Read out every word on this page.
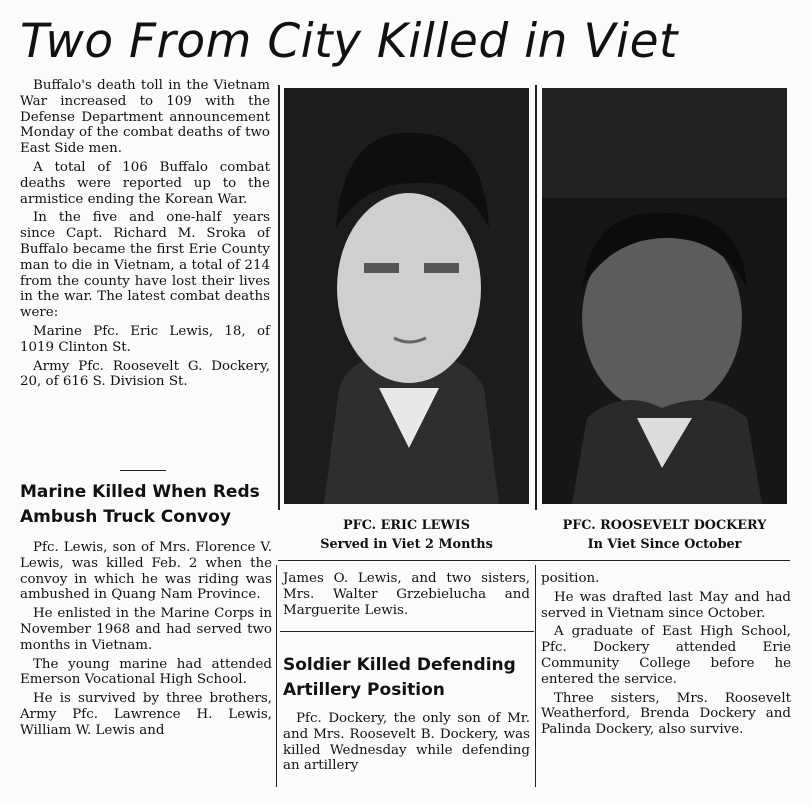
Two From City Killed in Viet

Buffalo's death toll in the Vietnam War increased to 109 with the Defense Department announcement Monday of the combat deaths of two East Side men.

A total of 106 Buffalo combat deaths were reported up to the armistice ending the Korean War.

In the five and one-half years since Capt. Richard M. Sroka of Buffalo became the first Erie County man to die in Vietnam, a total of 214 from the county have lost their lives in the war. The latest combat deaths were:

Marine Pfc. Eric Lewis, 18, of 1019 Clinton St.

Army Pfc. Roosevelt G. Dockery, 20, of 616 S. Division St.

Marine Killed When Reds Ambush Truck Convoy

Pfc. Lewis, son of Mrs. Florence V. Lewis, was killed Feb. 2 when the convoy in which he was riding was ambushed in Quang Nam Province.

He enlisted in the Marine Corps in November 1968 and had served two months in Vietnam.

The young marine had attended Emerson Vocational High School.

He is survived by three brothers, Army Pfc. Lawrence H. Lewis, William W. Lewis and

PFC. ERIC LEWIS
Served in Viet 2 Months
PFC. ROOSEVELT DOCKERY
In Viet Since October

James O. Lewis, and two sisters, Mrs. Walter Grzebielucha and Marguerite Lewis.

Soldier Killed Defending Artillery Position

Pfc. Dockery, the only son of Mr. and Mrs. Roosevelt B. Dockery, was killed Wednesday while defending an artillery

position.

He was drafted last May and had served in Vietnam since October.

A graduate of East High School, Pfc. Dockery attended Erie Community College before he entered the service.

Three sisters, Mrs. Roosevelt Weatherford, Brenda Dockery and Palinda Dockery, also survive.
